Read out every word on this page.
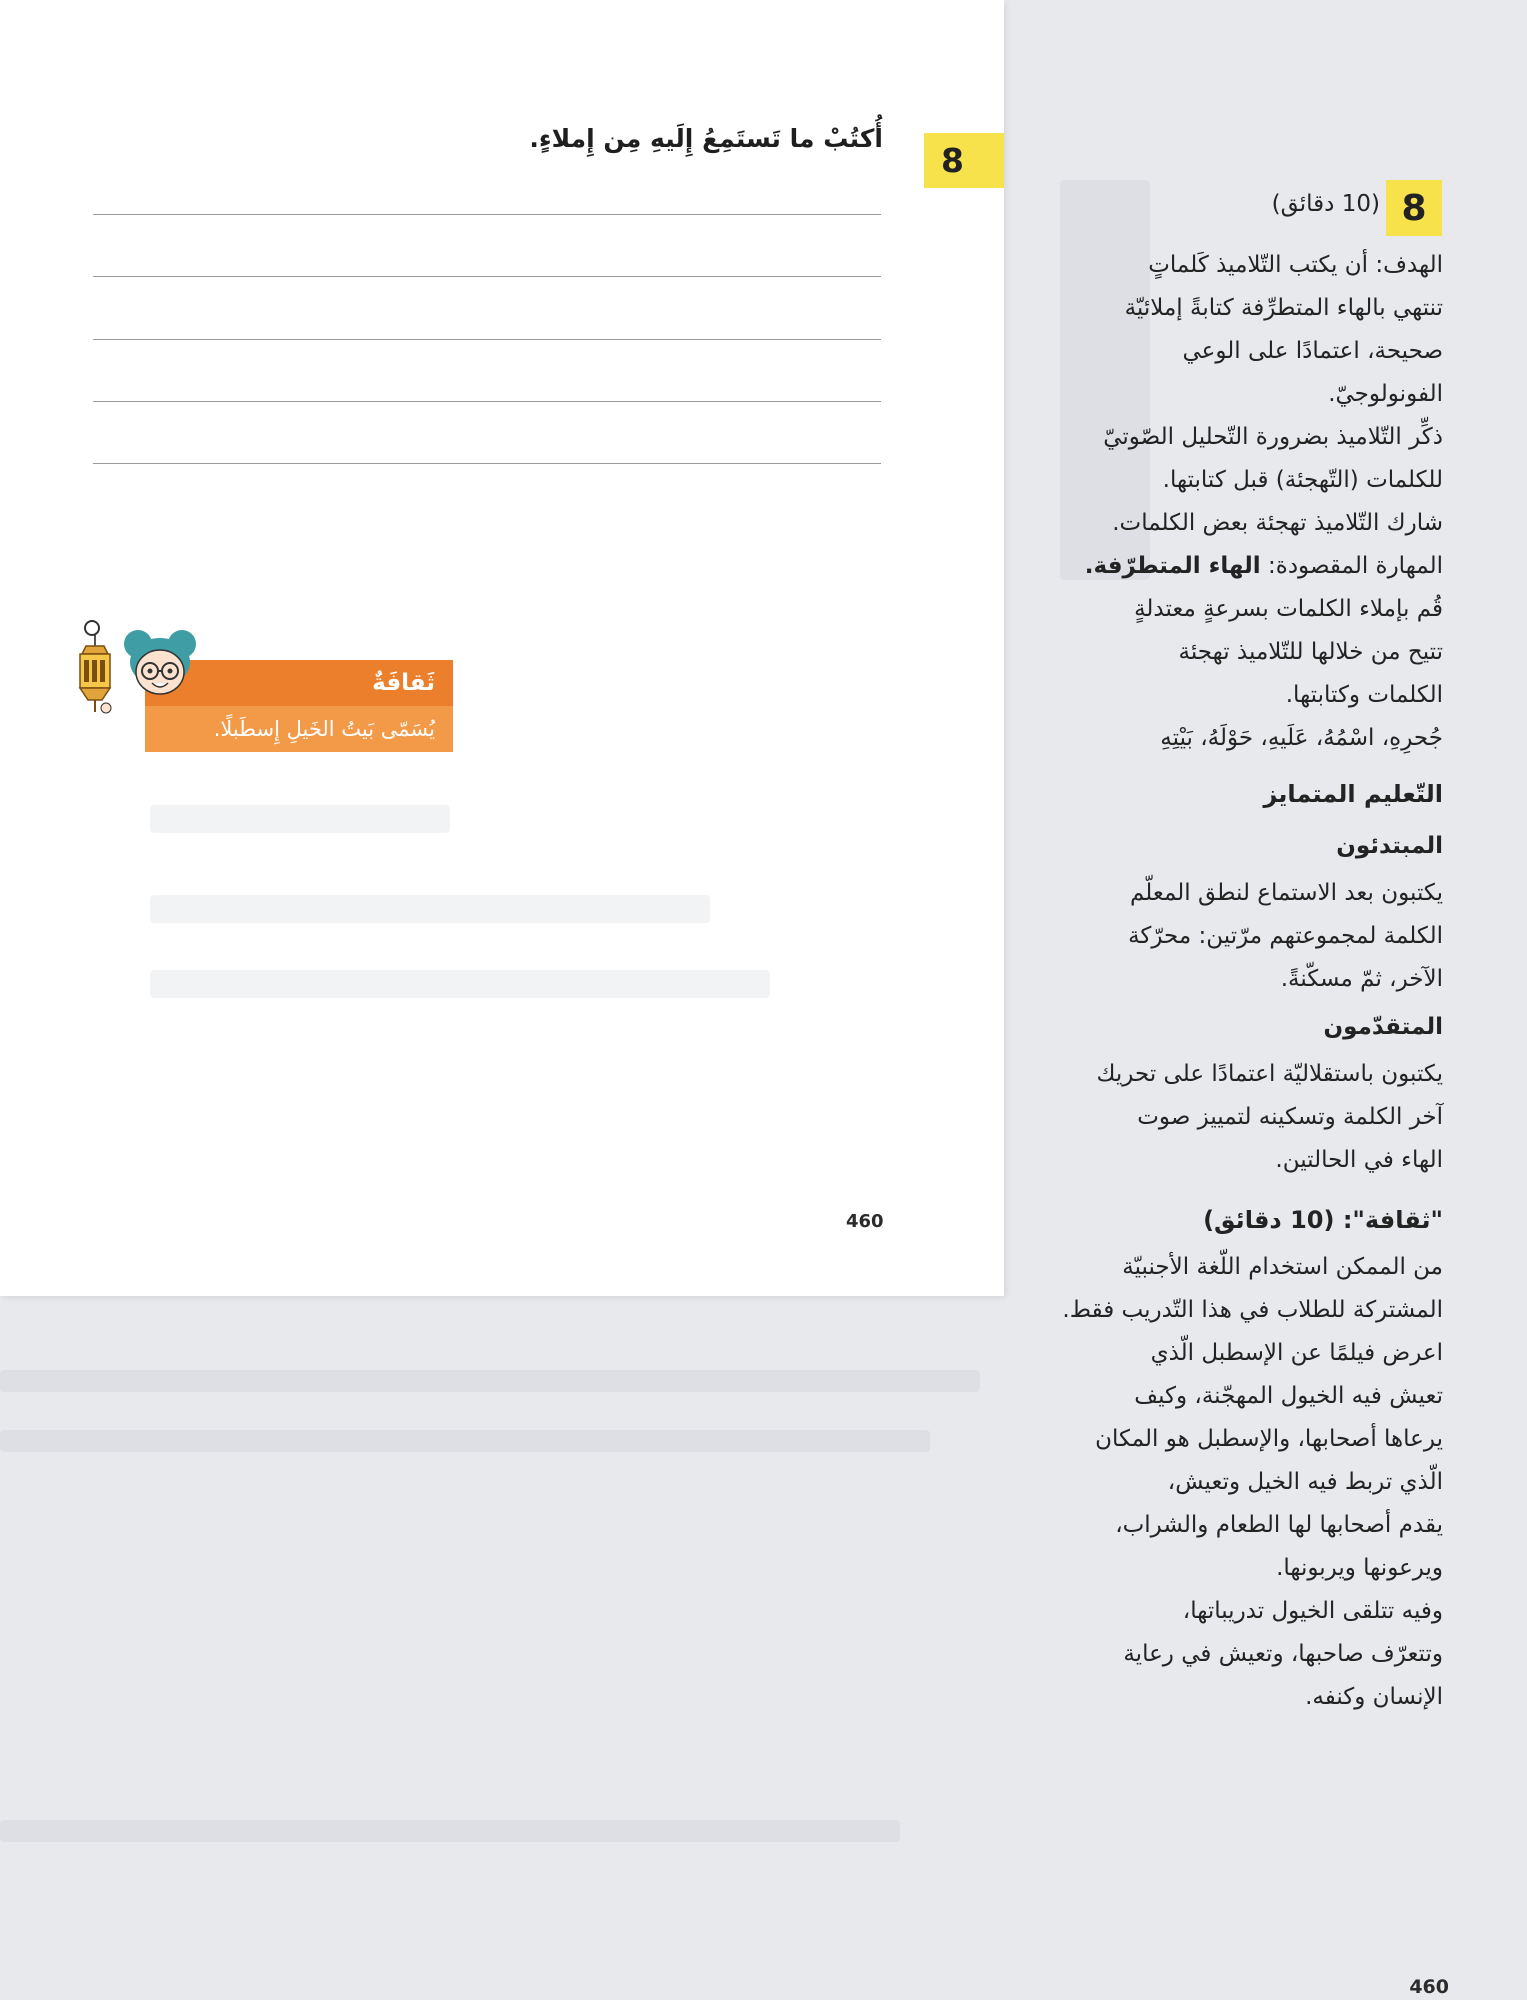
أُكتُبْ ما تَستَمِعُ إِلَيهِ مِن إِملاءٍ.
8
ثَقافَةٌ
يُسَمّى بَيتُ الخَيلِ إِسطَبلًا.
460
8
(10 دقائق)
الهدف: أن يكتب التّلاميذ كَلماتٍ
تنتهي بالهاء المتطرِّفة كتابةً إملائيّة
صحيحة، اعتمادًا على الوعي
الفونولوجيّ.
ذكِّر التّلاميذ بضرورة التّحليل الصّوتيّ
للكلمات (التّهجئة) قبل كتابتها.
شارك التّلاميذ تهجئة بعض الكلمات.
المهارة المقصودة: الهاء المتطرّفة.
قُم بإملاء الكلمات بسرعةٍ معتدلةٍ
تتيح من خلالها للتّلاميذ تهجئة
الكلمات وكتابتها.
جُحرِهِ، اسْمُهُ، عَلَيهِ، حَوْلَهُ، بَيْتِهِ
التّعليم المتمايز
المبتدئون
يكتبون بعد الاستماع لنطق المعلّم
الكلمة لمجموعتهم مرّتين: محرّكة
الآخر، ثمّ مسكّنةً.
المتقدّمون
يكتبون باستقلاليّة اعتمادًا على تحريك
آخر الكلمة وتسكينه لتمييز صوت
الهاء في الحالتين.
"ثقافة": (10 دقائق)
من الممكن استخدام اللّغة الأجنبيّة
المشتركة للطلاب في هذا التّدريب فقط.
اعرض فيلمًا عن الإسطبل الّذي
تعيش فيه الخيول المهجّنة، وكيف
يرعاها أصحابها، والإسطبل هو المكان
الّذي تربط فيه الخيل وتعيش،
يقدم أصحابها لها الطعام والشراب،
ويرعونها ويربونها.
وفيه تتلقى الخيول تدريباتها،
وتتعرّف صاحبها، وتعيش في رعاية
الإنسان وكنفه.
460
